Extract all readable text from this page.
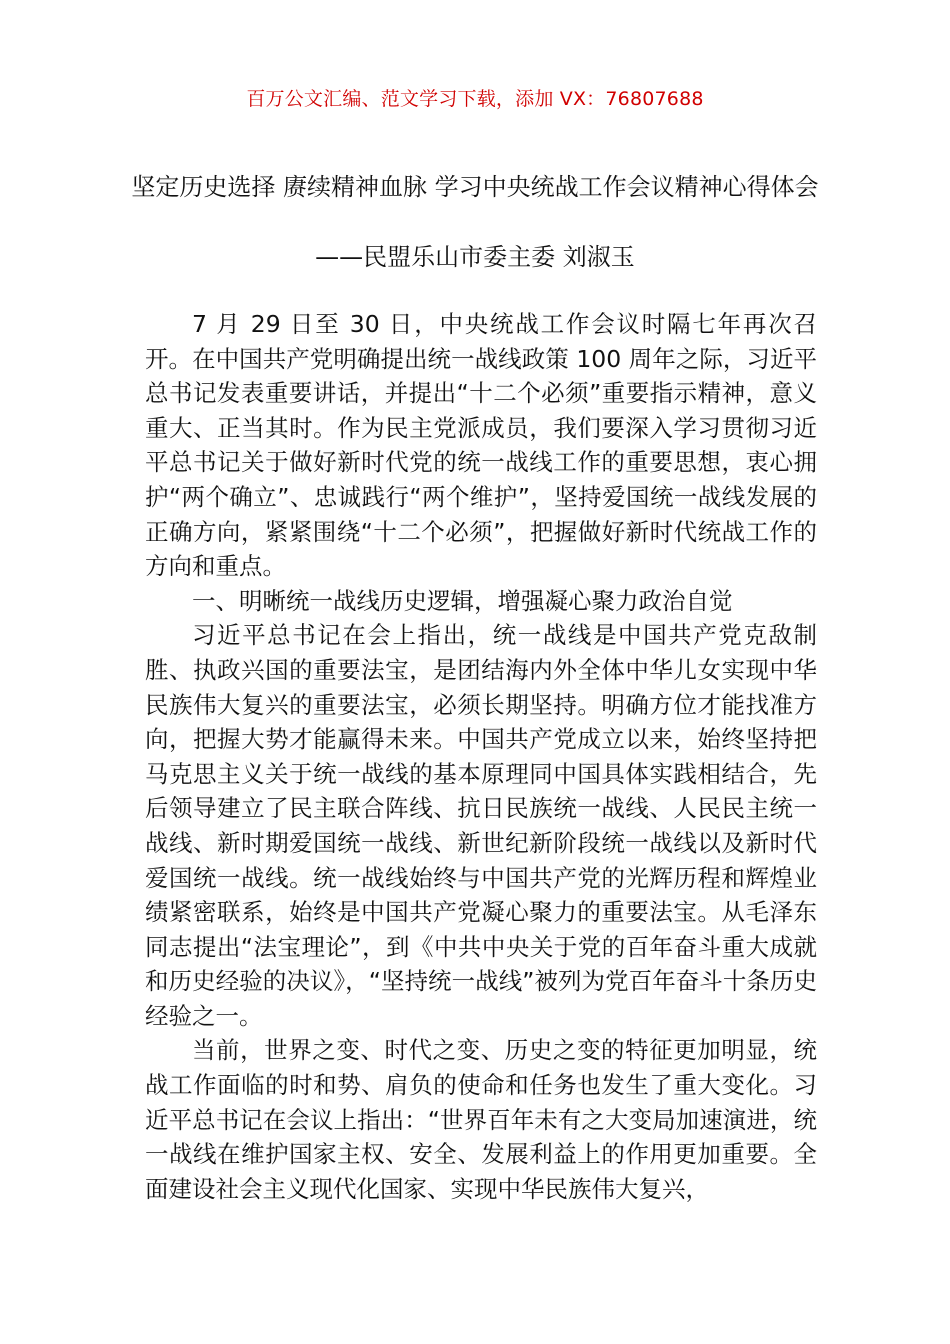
百万公文汇编、范文学习下载，添加 VX：76807688
坚定历史选择 赓续精神血脉 学习中央统战工作会议精神心得体会
——民盟乐山市委主委 刘淑玉

7 月 29 日至 30 日，中央统战工作会议时隔七年再次召开。在中国共产党明确提出统一战线政策 100 周年之际，习近平总书记发表重要讲话，并提出“十二个必须”重要指示精神，意义重大、正当其时。作为民主党派成员，我们要深入学习贯彻习近平总书记关于做好新时代党的统一战线工作的重要思想，衷心拥护“两个确立”、忠诚践行“两个维护”，坚持爱国统一战线发展的正确方向，紧紧围绕“十二个必须”，把握做好新时代统战工作的方向和重点。

一、明晰统一战线历史逻辑，增强凝心聚力政治自觉

习近平总书记在会上指出，统一战线是中国共产党克敌制胜、执政兴国的重要法宝，是团结海内外全体中华儿女实现中华民族伟大复兴的重要法宝，必须长期坚持。明确方位才能找准方向，把握大势才能赢得未来。中国共产党成立以来，始终坚持把马克思主义关于统一战线的基本原理同中国具体实践相结合，先后领导建立了民主联合阵线、抗日民族统一战线、人民民主统一战线、新时期爱国统一战线、新世纪新阶段统一战线以及新时代爱国统一战线。统一战线始终与中国共产党的光辉历程和辉煌业绩紧密联系，始终是中国共产党凝心聚力的重要法宝。从毛泽东同志提出“法宝理论”，到《中共中央关于党的百年奋斗重大成就和历史经验的决议》，“坚持统一战线”被列为党百年奋斗十条历史经验之一。

当前，世界之变、时代之变、历史之变的特征更加明显，统战工作面临的时和势、肩负的使命和任务也发生了重大变化。习近平总书记在会议上指出：“世界百年未有之大变局加速演进，统一战线在维护国家主权、安全、发展利益上的作用更加重要。全面建设社会主义现代化国家、实现中华民族伟大复兴，
